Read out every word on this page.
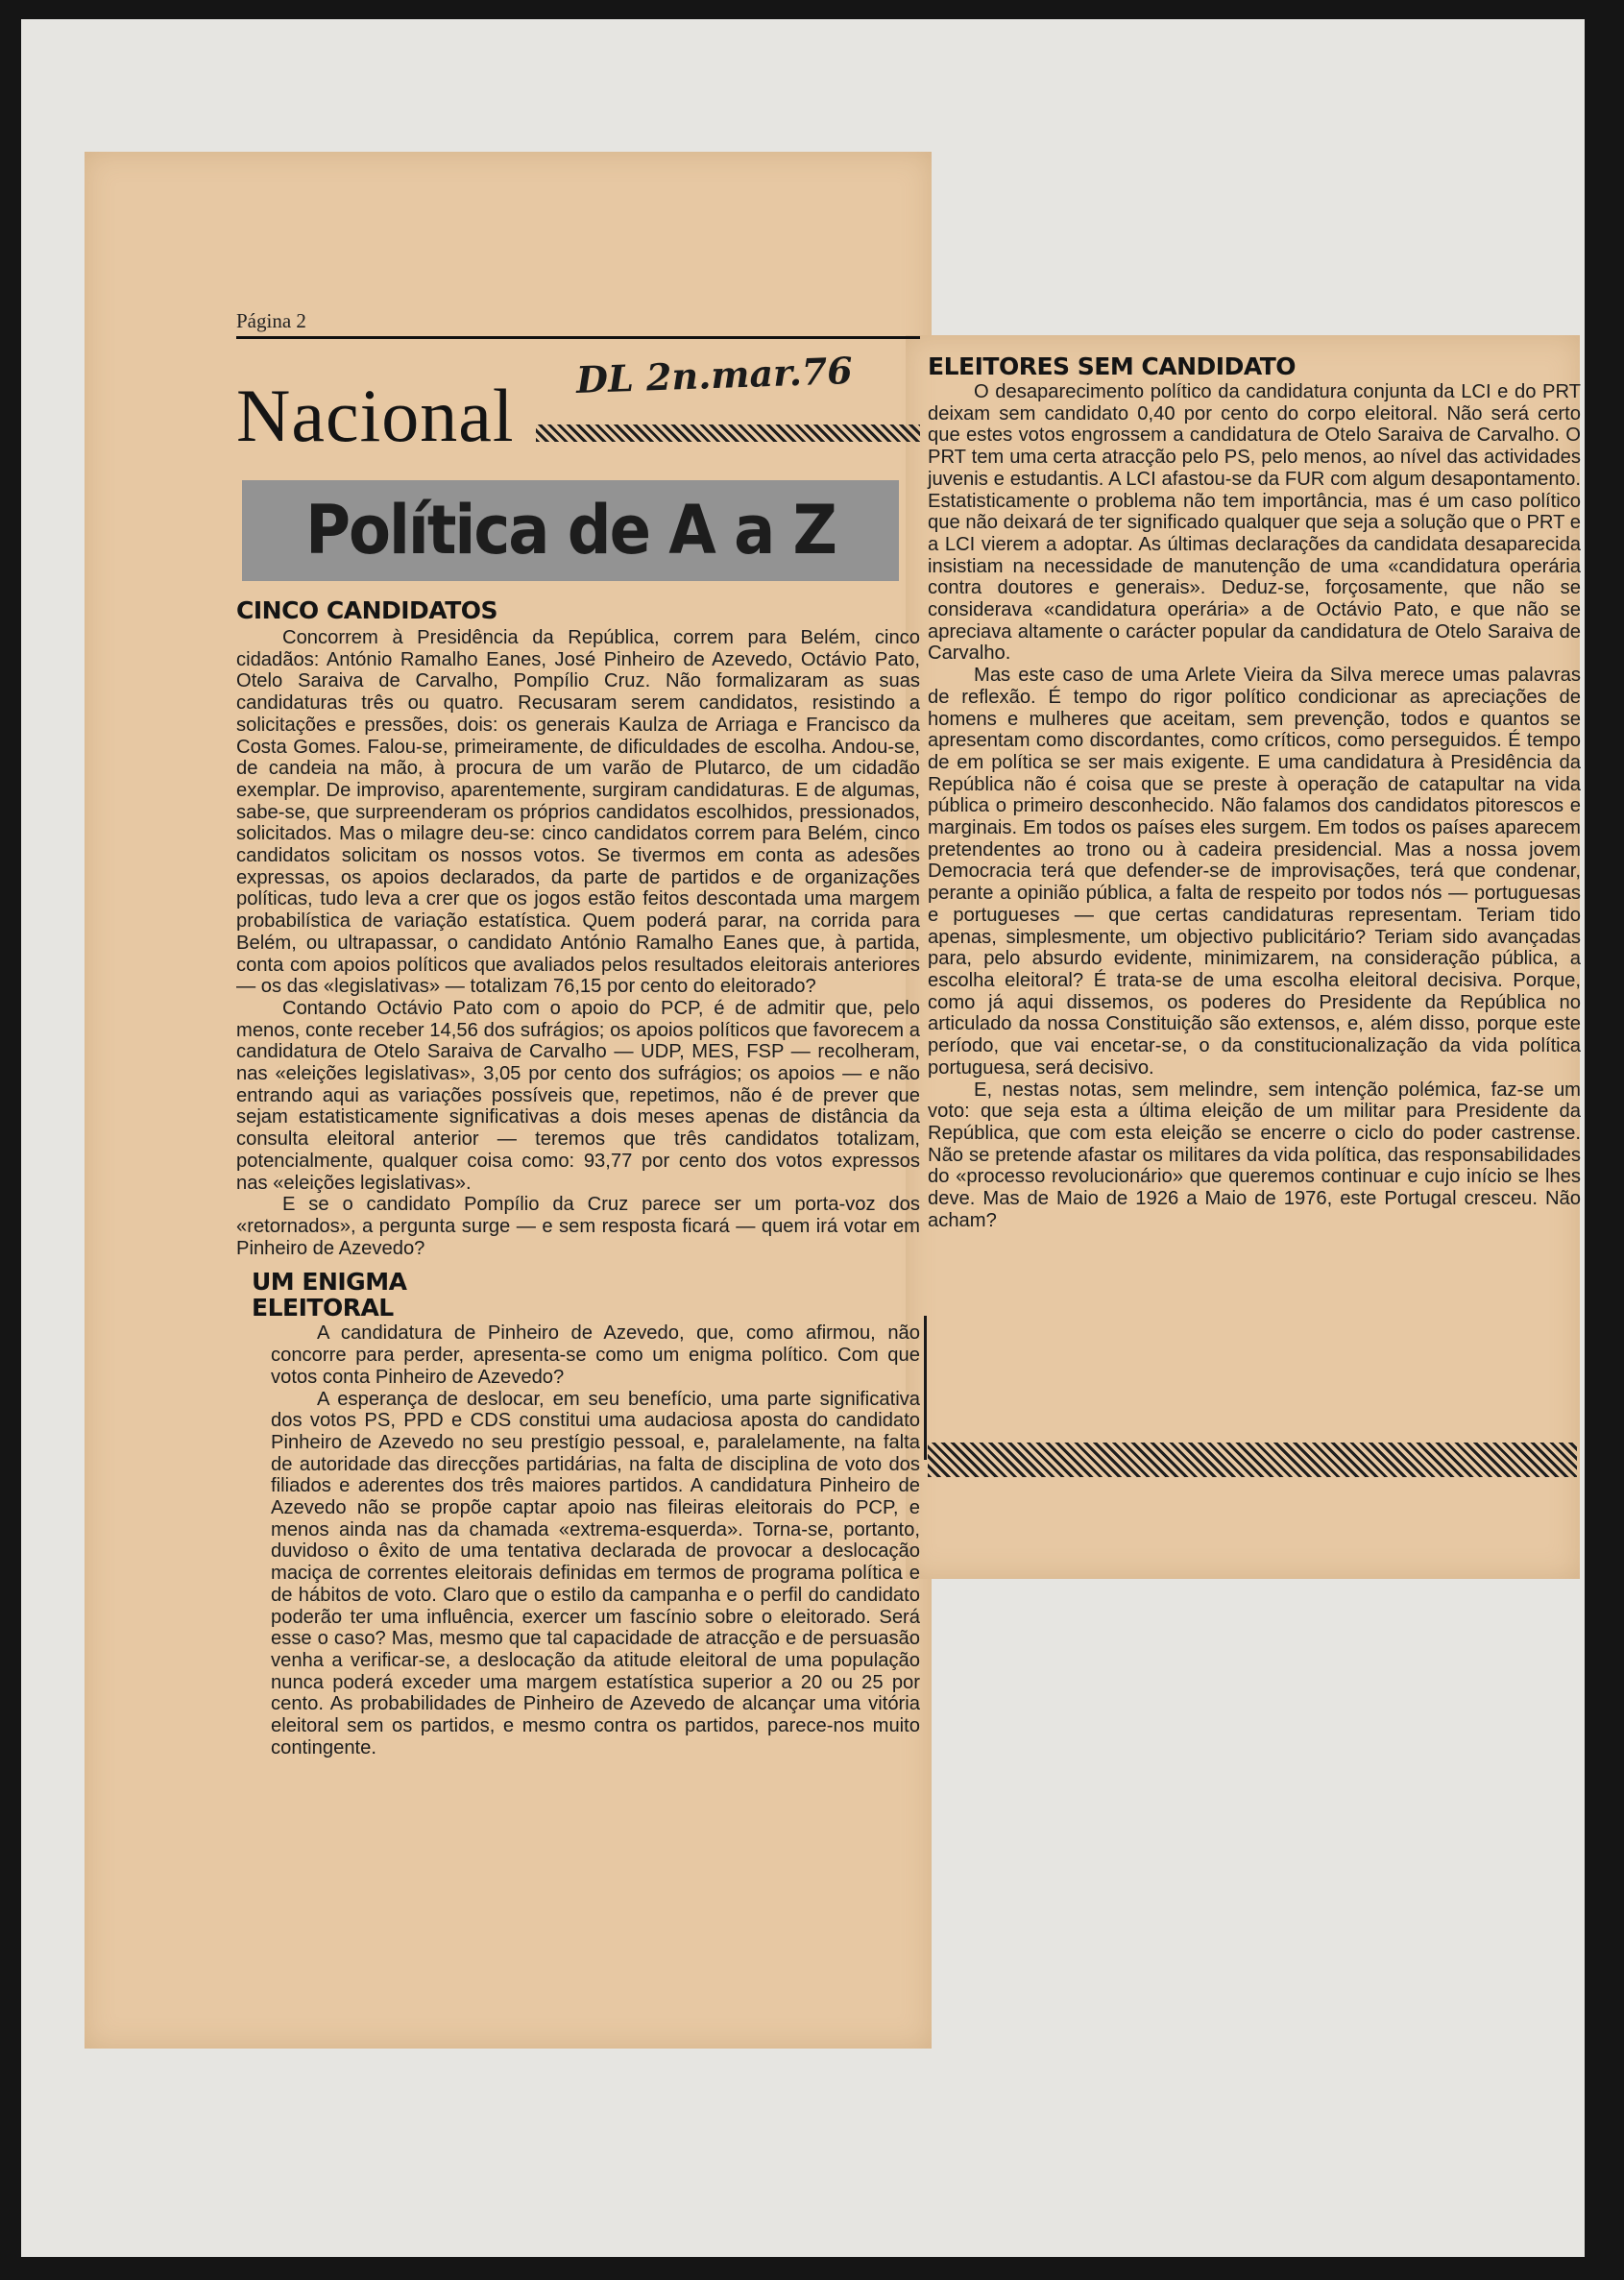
Página 2
Nacional DL 2n.mar.76
Política de A a Z
CINCO CANDIDATOS

Concorrem à Presidência da República, correm para Belém, cinco cidadãos: António Ramalho Eanes, José Pinheiro de Azevedo, Octávio Pato, Otelo Saraiva de Carvalho, Pompílio Cruz. Não formalizaram as suas candidaturas três ou quatro. Recusaram serem candidatos, resistindo a solicitações e pressões, dois: os generais Kaulza de Arriaga e Francisco da Costa Gomes. Falou-se, primeiramente, de dificuldades de escolha. Andou-se, de candeia na mão, à procura de um varão de Plutarco, de um cidadão exemplar. De improviso, aparentemente, surgiram candidaturas. E de algumas, sabe-se, que surpreenderam os próprios candidatos escolhidos, pressionados, solicitados. Mas o milagre deu-se: cinco candidatos correm para Belém, cinco candidatos solicitam os nossos votos. Se tivermos em conta as adesões expressas, os apoios declarados, da parte de partidos e de organizações políticas, tudo leva a crer que os jogos estão feitos descontada uma margem probabilística de variação estatística. Quem poderá parar, na corrida para Belém, ou ultrapassar, o candidato António Ramalho Eanes que, à partida, conta com apoios políticos que avaliados pelos resultados eleitorais anteriores — os das «legislativas» — totalizam 76,15 por cento do eleitorado?

Contando Octávio Pato com o apoio do PCP, é de admitir que, pelo menos, conte receber 14,56 dos sufrágios; os apoios políticos que favorecem a candidatura de Otelo Saraiva de Carvalho — UDP, MES, FSP — recolheram, nas «eleições legislativas», 3,05 por cento dos sufrágios; os apoios — e não entrando aqui as variações possíveis que, repetimos, não é de prever que sejam estatisticamente significativas a dois meses apenas de distância da consulta eleitoral anterior — teremos que três candidatos totalizam, potencialmente, qualquer coisa como: 93,77 por cento dos votos expressos nas «eleições legislativas».

E se o candidato Pompílio da Cruz parece ser um porta-voz dos «retornados», a pergunta surge — e sem resposta ficará — quem irá votar em Pinheiro de Azevedo?

UM ENIGMA
ELEITORAL

A candidatura de Pinheiro de Azevedo, que, como afirmou, não concorre para perder, apresenta-se como um enigma político. Com que votos conta Pinheiro de Azevedo?

A esperança de deslocar, em seu benefício, uma parte significativa dos votos PS, PPD e CDS constitui uma audaciosa aposta do candidato Pinheiro de Azevedo no seu prestígio pessoal, e, paralelamente, na falta de autoridade das direcções partidárias, na falta de disciplina de voto dos filiados e aderentes dos três maiores partidos. A candidatura Pinheiro de Azevedo não se propõe captar apoio nas fileiras eleitorais do PCP, e menos ainda nas da chamada «extrema-esquerda». Torna-se, portanto, duvidoso o êxito de uma tentativa declarada de provocar a deslocação maciça de correntes eleitorais definidas em termos de programa política e de hábitos de voto. Claro que o estilo da campanha e o perfil do candidato poderão ter uma influência, exercer um fascínio sobre o eleitorado. Será esse o caso? Mas, mesmo que tal capacidade de atracção e de persuasão venha a verificar-se, a deslocação da atitude eleitoral de uma população nunca poderá exceder uma margem estatística superior a 20 ou 25 por cento. As probabilidades de Pinheiro de Azevedo de alcançar uma vitória eleitoral sem os partidos, e mesmo contra os partidos, parece-nos muito contingente.

ELEITORES SEM CANDIDATO

O desaparecimento político da candidatura conjunta da LCI e do PRT deixam sem candidato 0,40 por cento do corpo eleitoral. Não será certo que estes votos engrossem a candidatura de Otelo Saraiva de Carvalho. O PRT tem uma certa atracção pelo PS, pelo menos, ao nível das actividades juvenis e estudantis. A LCI afastou-se da FUR com algum desapontamento. Estatisticamente o problema não tem importância, mas é um caso político que não deixará de ter significado qualquer que seja a solução que o PRT e a LCI vierem a adoptar. As últimas declarações da candidata desaparecida insistiam na necessidade de manutenção de uma «candidatura operária contra doutores e generais». Deduz-se, forçosamente, que não se considerava «candidatura operária» a de Octávio Pato, e que não se apreciava altamente o carácter popular da candidatura de Otelo Saraiva de Carvalho.

Mas este caso de uma Arlete Vieira da Silva merece umas palavras de reflexão. É tempo do rigor político condicionar as apreciações de homens e mulheres que aceitam, sem prevenção, todos e quantos se apresentam como discordantes, como críticos, como perseguidos. É tempo de em política se ser mais exigente. E uma candidatura à Presidência da República não é coisa que se preste à operação de catapultar na vida pública o primeiro desconhecido. Não falamos dos candidatos pitorescos e marginais. Em todos os países eles surgem. Em todos os países aparecem pretendentes ao trono ou à cadeira presidencial. Mas a nossa jovem Democracia terá que defender-se de improvisações, terá que condenar, perante a opinião pública, a falta de respeito por todos nós — portuguesas e portugueses — que certas candidaturas representam. Teriam tido apenas, simplesmente, um objectivo publicitário? Teriam sido avançadas para, pelo absurdo evidente, minimizarem, na consideração pública, a escolha eleitoral? É trata-se de uma escolha eleitoral decisiva. Porque, como já aqui dissemos, os poderes do Presidente da República no articulado da nossa Constituição são extensos, e, além disso, porque este período, que vai encetar-se, o da constitucionalização da vida política portuguesa, será decisivo.

E, nestas notas, sem melindre, sem intenção polémica, faz-se um voto: que seja esta a última eleição de um militar para Presidente da República, que com esta eleição se encerre o ciclo do poder castrense. Não se pretende afastar os militares da vida política, das responsabilidades do «processo revolucionário» que queremos continuar e cujo início se lhes deve. Mas de Maio de 1926 a Maio de 1976, este Portugal cresceu. Não acham?
